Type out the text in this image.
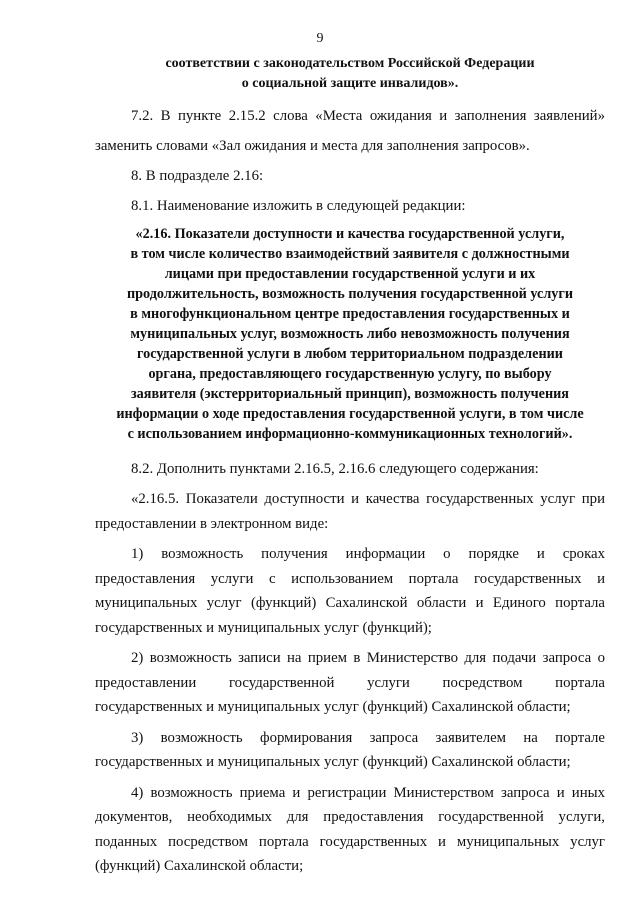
9
соответствии с законодательством Российской Федерации
о социальной защите инвалидов».
7.2. В пункте 2.15.2 слова «Места ожидания и заполнения заявлений»
заменить словами «Зал ожидания и места для заполнения запросов».
8. В подразделе 2.16:
8.1. Наименование изложить в следующей редакции:
«2.16. Показатели доступности и качества государственной услуги,
в том числе количество взаимодействий заявителя с должностными
лицами при предоставлении государственной услуги и их
продолжительность, возможность получения государственной услуги
в многофункциональном центре предоставления государственных и
муниципальных услуг, возможность либо невозможность получения
государственной услуги в любом территориальном подразделении
органа, предоставляющего государственную услугу, по выбору
заявителя (экстерриториальный принцип), возможность получения
информации о ходе предоставления государственной услуги, в том числе
с использованием информационно-коммуникационных технологий».
8.2. Дополнить пунктами 2.16.5, 2.16.6 следующего содержания:
«2.16.5. Показатели доступности и качества государственных услуг при
предоставлении в электронном виде:
1) возможность получения информации о порядке и сроках
предоставления услуги с использованием портала государственных и
муниципальных услуг (функций) Сахалинской области и Единого портала
государственных и муниципальных услуг (функций);
2) возможность записи на прием в Министерство для подачи запроса о
предоставлении государственной услуги посредством портала
государственных и муниципальных услуг (функций) Сахалинской области;
3) возможность формирования запроса заявителем на портале
государственных и муниципальных услуг (функций) Сахалинской области;
4) возможность приема и регистрации Министерством запроса и иных
документов, необходимых для предоставления государственной услуги,
поданных посредством портала государственных и муниципальных услуг
(функций) Сахалинской области;
